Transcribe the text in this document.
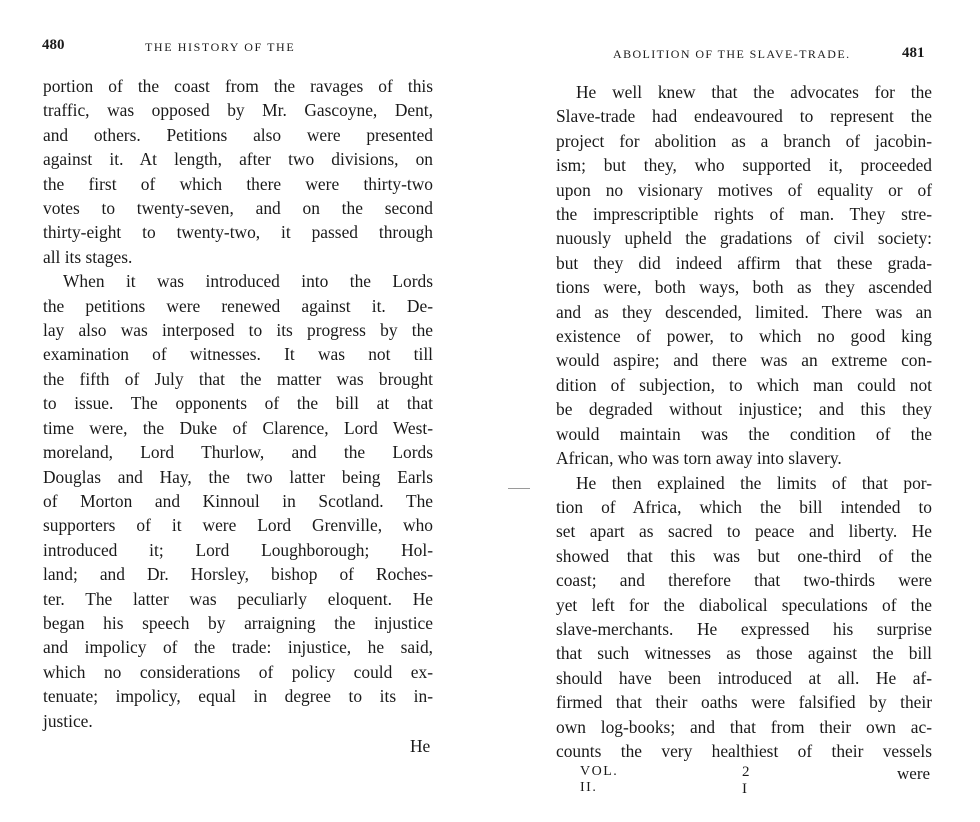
480	THE HISTORY OF THE
portion of the coast from the ravages of this
traffic, was opposed by Mr. Gascoyne, Dent,
and others. Petitions also were presented
against it. At length, after two divisions, on
the first of which there were thirty-two
votes to twenty-seven, and on the second
thirty-eight to twenty-two, it passed through
all its stages.
When it was introduced into the Lords
the petitions were renewed against it. De-
lay also was interposed to its progress by the
examination of witnesses. It was not till
the fifth of July that the matter was brought
to issue. The opponents of the bill at that
time were, the Duke of Clarence, Lord West-
moreland, Lord Thurlow, and the Lords
Douglas and Hay, the two latter being Earls
of Morton and Kinnoul in Scotland. The
supporters of it were Lord Grenville, who
introduced it; Lord Loughborough; Hol-
land; and Dr. Horsley, bishop of Roches-
ter. The latter was peculiarly eloquent. He
began his speech by arraigning the injustice
and impolicy of the trade: injustice, he said,
which no considerations of policy could ex-
tenuate; impolicy, equal in degree to its in-
justice.
He
ABOLITION OF THE SLAVE-TRADE.	481
He well knew that the advocates for the
Slave-trade had endeavoured to represent the
project for abolition as a branch of jacobin-
ism; but they, who supported it, proceeded
upon no visionary motives of equality or of
the imprescriptible rights of man. They stre-
nuously upheld the gradations of civil society:
but they did indeed affirm that these grada-
tions were, both ways, both as they ascended
and as they descended, limited. There was an
existence of power, to which no good king
would aspire; and there was an extreme con-
dition of subjection, to which man could not
be degraded without injustice; and this they
would maintain was the condition of the
African, who was torn away into slavery.
He then explained the limits of that por-
tion of Africa, which the bill intended to
set apart as sacred to peace and liberty. He
showed that this was but one-third of the
coast; and therefore that two-thirds were
yet left for the diabolical speculations of the
slave-merchants. He expressed his surprise
that such witnesses as those against the bill
should have been introduced at all. He af-
firmed that their oaths were falsified by their
own log-books; and that from their own ac-
counts the very healthiest of their vessels
VOL. II.
2 I
were
